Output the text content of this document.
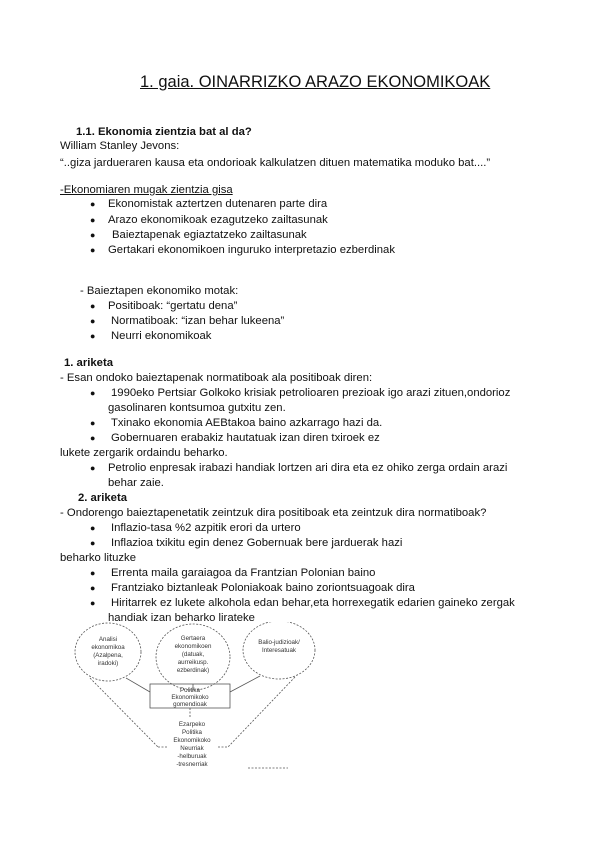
1. gaia. OINARRIZKO ARAZO EKONOMIKOAK
1.1. Ekonomia zientzia bat al da?
William Stanley Jevons:
“..giza jardueraren kausa eta ondorioak kalkulatzen dituen matematika moduko bat....”
-Ekonomiaren mugak zientzia gisa
● Ekonomistak aztertzen dutenaren parte dira
● Arazo ekonomikoak ezagutzeko zailtasunak
● Baieztapenak egiaztatzeko zailtasunak
● Gertakari ekonomikoen inguruko interpretazio ezberdinak
- Baieztapen ekonomiko motak:
● Positiboak: “gertatu dena”
● Normatiboak: “izan behar lukeena”
● Neurri ekonomikoak
1. ariketa
- Esan ondoko baieztapenak normatiboak ala positiboak diren:
● 1990eko Pertsiar Golkoko krisiak petrolioaren prezioak igo arazi zituen,ondorioz
gasolinaren kontsumoa gutxitu zen.
● Txinako ekonomia AEBtakoa baino azkarrago hazi da.
● Gobernuaren erabakiz hautatuak izan diren txiroek ez
lukete zergarik ordaindu beharko.
● Petrolio enpresak irabazi handiak lortzen ari dira eta ez ohiko zerga ordain arazi
behar zaie.
2. ariketa
- Ondorengo baieztapenetatik zeintzuk dira positiboak eta zeintzuk dira normatiboak?
● Inflazio-tasa %2 azpitik erori da urtero
● Inflazioa txikitu egin denez Gobernuak bere jarduerak hazi
beharko lituzke
● Errenta maila garaiagoa da Frantzian Polonian baino
● Frantziako biztanleak Poloniakoak baino zoriontsuagoak dira
● Hiritarrek ez lukete alkohola edan behar,eta horrexegatik edarien gaineko zergak
handiak izan beharko lirateke
Analisi
ekonomikoa
(Azalpena,
iradoki)
Gertaera
ekonomikoen
(datuak,
aurreikusp.
ezberdinak)
Balio-judizioak/
Interesatuak
Politika
Ekonomikoko
gomendioak
Ezarpeko
Politika
Ekonomikoko
Neurriak
-helburuak
-tresnerriak
